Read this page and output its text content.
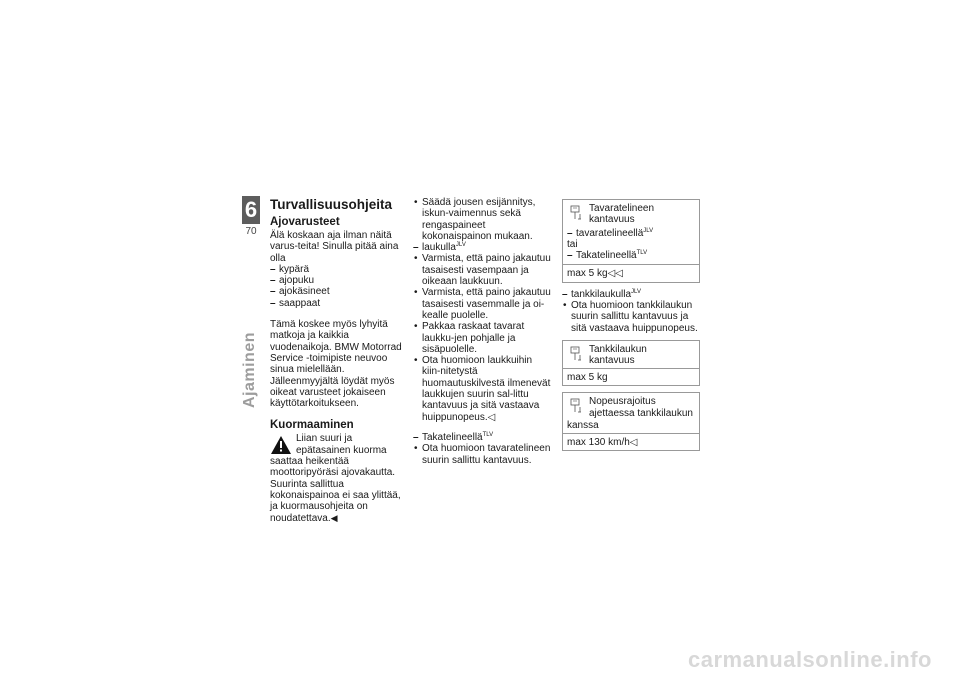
6
70
Ajaminen
Turvallisuusohjeita
Ajovarusteet

Älä koskaan aja ilman näitä varus-teita! Sinulla pitää aina olla

– kypärä
– ajopuku
– ajokäsineet
– saappaat

Tämä koskee myös lyhyitä matkoja ja kaikkia vuodenaikoja. BMW Motorrad Service -toimipiste neuvoo sinua mielellään. Jälleenmyyjältä löydät myös oikeat varusteet jokaiseen käyttötarkoitukseen.

Kuormaaminen
Liian suuri ja epätasainen kuorma saattaa heikentää moottoripyöräsi ajovakautta. Suurinta sallittua kokonaispainoa ei saa ylittää, ja kuormausohjeita on noudatettava.◀
• Säädä jousen esijännitys, iskun-vaimennus sekä rengaspaineet kokonaispainon mukaan.
– laukulla$^{JLV}$
• Varmista, että paino jakautuu tasaisesti vasempaan ja oikeaan laukkuun.
• Varmista, että paino jakautuu tasaisesti vasemmalle ja oi-kealle puolelle.
• Pakkaa raskaat tavarat laukku-jen pohjalle ja sisäpuolelle.
• Ota huomioon laukkuihin kiin-nitetystä huomautuskilvestä ilmenevät laukkujen suurin sal-littu kantavuus ja sitä vastaava huippunopeus.◁
– Takatelineellä$^{TLV}$
• Ota huomioon tavaratelineen suurin sallittu kantavuus.
Tavaratelineen kantavuus
– tavaratelineellä$^{JLV}$
tai
– Takatelineellä$^{TLV}$
max 5 kg◁◁
– tankkilaukulla$^{JLV}$
• Ota huomioon tankkilaukun suurin sallittu kantavuus ja sitä vastaava huippunopeus.
Tankkilaukun kantavuus
max 5 kg
Nopeusrajoitus ajettaessa tankkilaukun
kanssa
max 130 km/h◁
carmanualsonline.info
